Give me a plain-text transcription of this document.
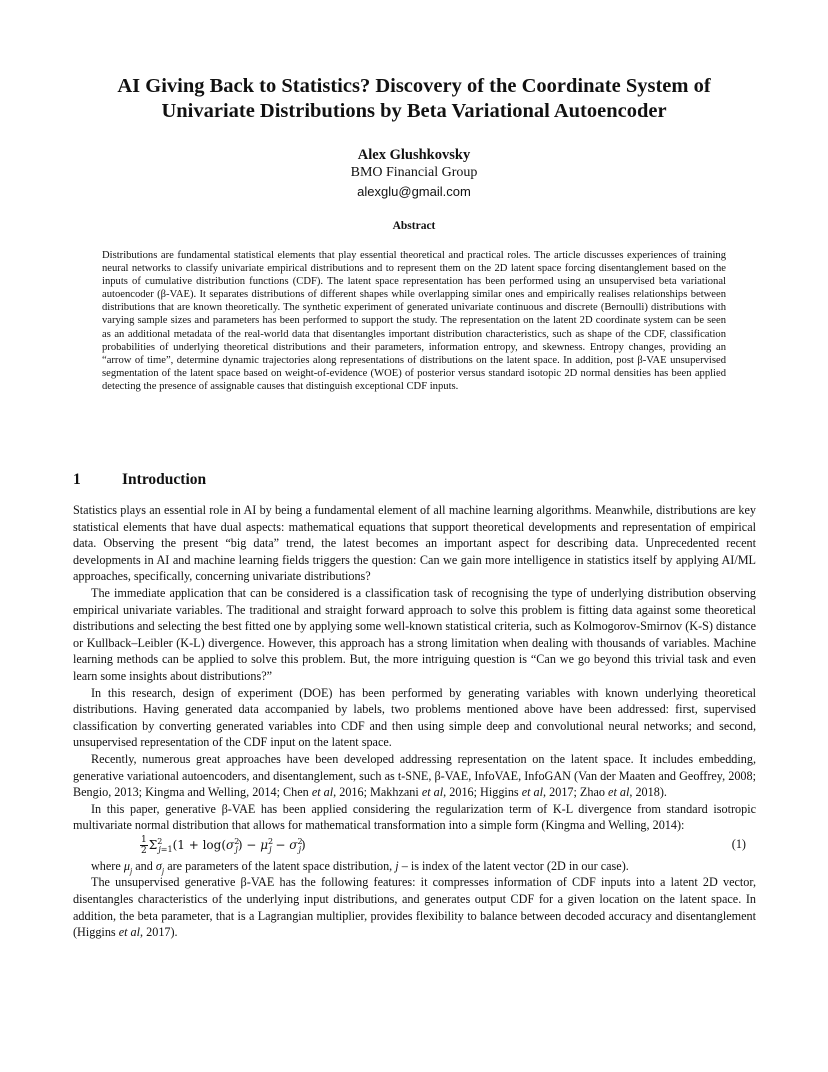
AI Giving Back to Statistics? Discovery of the Coordinate System of
Univariate Distributions by Beta Variational Autoencoder
Alex Glushkovsky
BMO Financial Group
alexglu@gmail.com
Abstract

Distributions are fundamental statistical elements that play essential theoretical and practical roles. The article discusses experiences of training neural networks to classify univariate empirical distributions and to represent them on the 2D latent space forcing disentanglement based on the inputs of cumulative distribution functions (CDF). The latent space representation has been performed using an unsupervised beta variational autoencoder (β-VAE). It separates distributions of different shapes while overlapping similar ones and empirically realises relationships between distributions that are known theoretically. The synthetic experiment of generated univariate continuous and discrete (Bernoulli) distributions with varying sample sizes and parameters has been performed to support the study. The representation on the latent 2D coordinate system can be seen as an additional metadata of the real-world data that disentangles important distribution characteristics, such as shape of the CDF, classification probabilities of underlying theoretical distributions and their parameters, information entropy, and skewness. Entropy changes, providing an “arrow of time”, determine dynamic trajectories along representations of distributions on the latent space. In addition, post β-VAE unsupervised segmentation of the latent space based on weight-of-evidence (WOE) of posterior versus standard isotopic 2D normal densities has been applied detecting the presence of assignable causes that distinguish exceptional CDF inputs.

1	Introduction

Statistics plays an essential role in AI by being a fundamental element of all machine learning algorithms. Meanwhile, distributions are key statistical elements that have dual aspects: mathematical equations that support theoretical developments and representation of empirical data. Observing the present “big data” trend, the latest becomes an important aspect for describing data. Unprecedented recent developments in AI and machine learning fields triggers the question: Can we gain more intelligence in statistics itself by applying AI/ML approaches, specifically, concerning univariate distributions?

The immediate application that can be considered is a classification task of recognising the type of underlying distribution observing empirical univariate variables. The traditional and straight forward approach to solve this problem is fitting data against some theoretical distributions and selecting the best fitted one by applying some well-known statistical criteria, such as Kolmogorov-Smirnov (K-S) distance or Kullback–Leibler (K-L) divergence. However, this approach has a strong limitation when dealing with thousands of variables. Machine learning methods can be applied to solve this problem. But, the more intriguing question is “Can we go beyond this trivial task and even learn some insights about distributions?”

In this research, design of experiment (DOE) has been performed by generating variables with known underlying theoretical distributions. Having generated data accompanied by labels, two problems mentioned above have been addressed: first, supervised classification by converting generated variables into CDF and then using simple deep and convolutional neural networks; and second, unsupervised representation of the CDF input on the latent space.

Recently, numerous great approaches have been developed addressing representation on the latent space. It includes embedding, generative variational autoencoders, and disentanglement, such as t-SNE, β-VAE, InfoVAE, InfoGAN (Van der Maaten and Geoffrey, 2008; Bengio, 2013; Kingma and Welling, 2014; Chen et al, 2016; Makhzani et al, 2016; Higgins et al, 2017; Zhao et al, 2018).

In this paper, generative β-VAE has been applied considering the regularization term of K-L divergence from standard isotropic multivariate normal distribution that allows for mathematical transformation into a simple form (Kingma and Welling, 2014):

$\frac{1}{2} \Sigma^2_{j=1}(1 + \log(\sigma^2_j) - \mu^2_j - \sigma^2_j)$	(1)

where $\mu_j$ and $\sigma_j$ are parameters of the latent space distribution, j – is index of the latent vector (2D in our case).

The unsupervised generative β-VAE has the following features: it compresses information of CDF inputs into a latent 2D vector, disentangles characteristics of the underlying input distributions, and generates output CDF for a given location on the latent space. In addition, the beta parameter, that is a Lagrangian multiplier, provides flexibility to balance between decoded accuracy and disentanglement (Higgins et al, 2017).
